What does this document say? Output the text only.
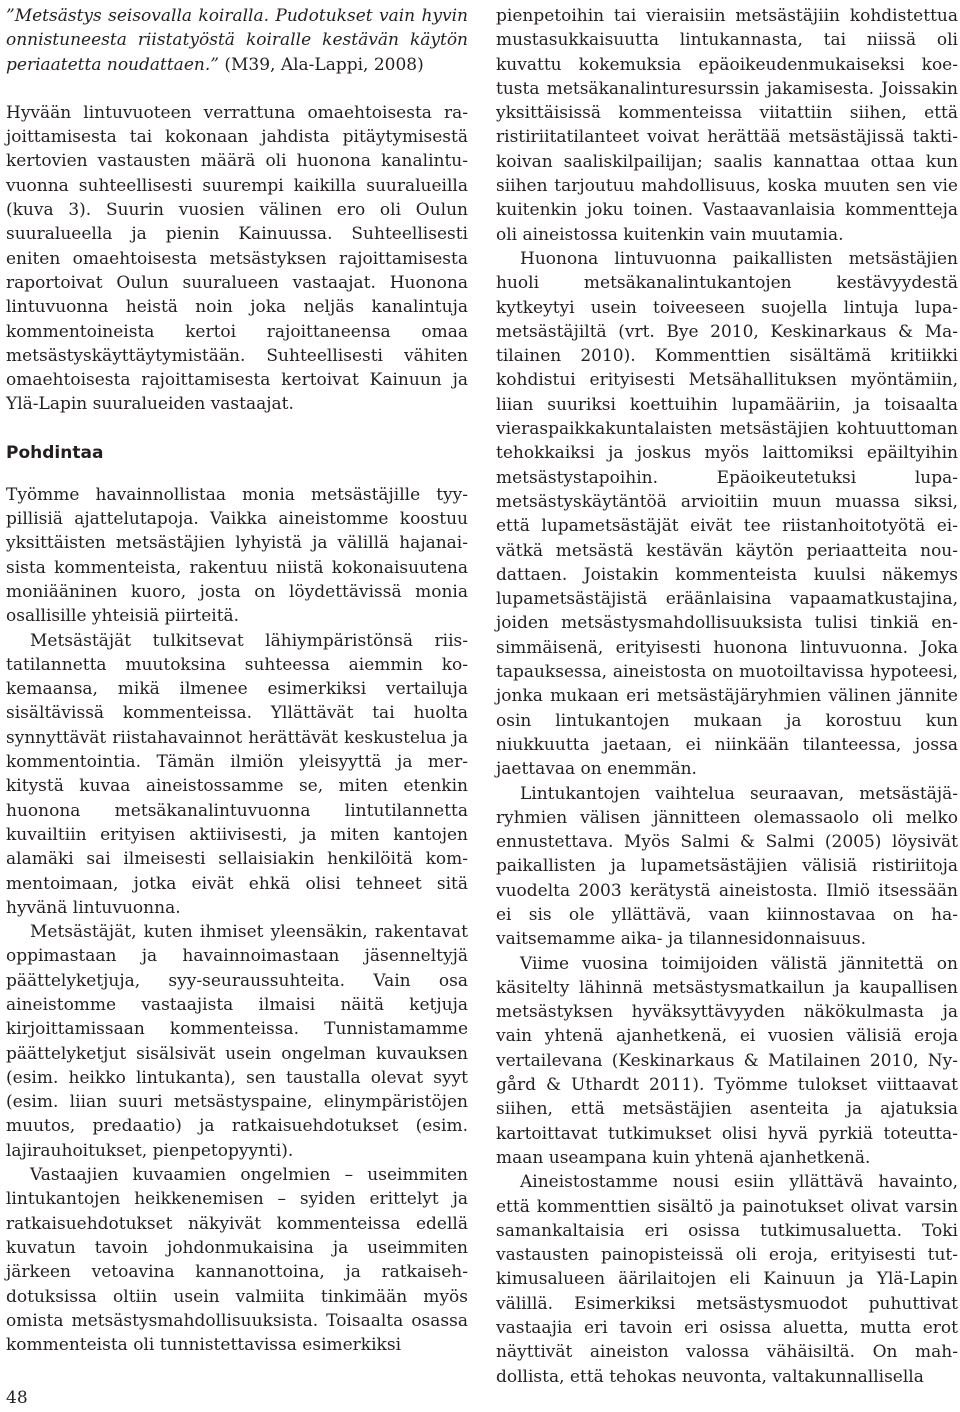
”Metsästys seisovalla koiralla. Pudotukset vain hyvin onnistuneesta riistatyöstä koiralle kestävän käytön periaatetta noudattaen.” (M39, Ala-Lappi, 2008)

Hyvään lintuvuoteen verrattuna omaehtoisesta rajoittamisesta tai kokonaan jahdista pitäytymisestä kertovien vastausten määrä oli huonona kanalintuvuonna suhteellisesti suurempi kaikilla suuralueilla (kuva 3). Suurin vuosien välinen ero oli Oulun suuralueella ja pienin Kainuussa. Suhteellisesti eniten omaehtoisesta metsästyksen rajoittamisesta raportoivat Oulun suuralueen vastaajat. Huonona lintuvuonna heistä noin joka neljäs kanalintuja kommentoineista kertoi rajoittaneensa omaa metsästyskäyttäytymistään. Suhteellisesti vähiten omaehtoisesta rajoittamisesta kertoivat Kainuun ja Ylä-Lapin suuralueiden vastaajat.

Pohdintaa

Työmme havainnollistaa monia metsästäjille tyypillisiä ajattelutapoja. Vaikka aineistomme koostuu yksittäisten metsästäjien lyhyistä ja välillä hajanaisista kommenteista, rakentuu niistä kokonaisuutena moniääninen kuoro, josta on löydettävissä monia osallisille yhteisiä piirteitä.

Metsästäjät tulkitsevat lähiympäristönsä riistatilannetta muutoksina suhteessa aiemmin kokemaansa, mikä ilmenee esimerkiksi vertailuja sisältävissä kommenteissa. Yllättävät tai huolta synnyttävät riistahavainnot herättävät keskustelua ja kommentointia. Tämän ilmiön yleisyyttä ja merkitystä kuvaa aineistossamme se, miten etenkin huonona metsäkanalintuvuonna lintutilannetta kuvailtiin erityisen aktiivisesti, ja miten kantojen alamäki sai ilmeisesti sellaisiakin henkilöitä kommentoimaan, jotka eivät ehkä olisi tehneet sitä hyvänä lintuvuonna.

Metsästäjät, kuten ihmiset yleensäkin, rakentavat oppimastaan ja havainnoimastaan jäsenneltyjä päättelyketjuja, syy-seuraussuhteita. Vain osa aineistomme vastaajista ilmaisi näitä ketjuja kirjoittamissaan kommenteissa. Tunnistamamme päättelyketjut sisälsivät usein ongelman kuvauksen (esim. heikko lintukanta), sen taustalla olevat syyt (esim. liian suuri metsästyspaine, elinympäristöjen muutos, predaatio) ja ratkaisuehdotukset (esim. lajirauhoitukset, pienpetopyynti).

Vastaajien kuvaamien ongelmien – useimmiten lintukantojen heikkenemisen – syiden erittelyt ja ratkaisuehdotukset näkyivät kommenteissa edellä kuvatun tavoin johdonmukaisina ja useimmiten järkeen vetoavina kannanottoina, ja ratkaisehdotuksissa oltiin usein valmiita tinkimään myös omista metsästysmahdollisuuksista. Toisaalta osassa kommenteista oli tunnistettavissa esimerkiksi

pienpetoihin tai vieraisiin metsästäjiin kohdistettua mustasukkaisuutta lintukannasta, tai niissä oli kuvattu kokemuksia epäoikeudenmukaiseksi koetusta metsäkanalinturesurssin jakamisesta. Joissakin yksittäisissä kommenteissa viitattiin siihen, että ristiriitatilanteet voivat herättää metsästäjissä taktikoivan saaliskilpailijan; saalis kannattaa ottaa kun siihen tarjoutuu mahdollisuus, koska muuten sen vie kuitenkin joku toinen. Vastaavanlaisia kommentteja oli aineistossa kuitenkin vain muutamia.

Huonona lintuvuonna paikallisten metsästäjien huoli metsäkanalintukantojen kestävyydestä kytkeytyi usein toiveeseen suojella lintuja lupametsästäjiltä (vrt. Bye 2010, Keskinarkaus & Matilainen 2010). Kommenttien sisältämä kritiikki kohdistui erityisesti Metsähallituksen myöntämiin, liian suuriksi koettuihin lupamääriin, ja toisaalta vieraspaikkakuntalaisten metsästäjien kohtuuttoman tehokkaiksi ja joskus myös laittomiksi epäiltyihin metsästystapoihin. Epäoikeutetuksi lupametsästyskäytäntöä arvioitiin muun muassa siksi, että lupametsästäjät eivät tee riistanhoitotyötä eivätkä metsästä kestävän käytön periaatteita noudattaen. Joistakin kommenteista kuulsi näkemys lupametsästäjistä eräänlaisina vapaamatkustajina, joiden metsästysmahdollisuuksista tulisi tinkiä ensimmäisenä, erityisesti huonona lintuvuonna. Joka tapauksessa, aineistosta on muotoiltavissa hypoteesi, jonka mukaan eri metsästäjäryhmien välinen jännite osin lintukantojen mukaan ja korostuu kun niukkuutta jaetaan, ei niinkään tilanteessa, jossa jaettavaa on enemmän.

Lintukantojen vaihtelua seuraavan, metsästäjäryhmien välisen jännitteen olemassaolo oli melko ennustettava. Myös Salmi & Salmi (2005) löysivät paikallisten ja lupametsästäjien välisiä ristiriitoja vuodelta 2003 kerätystä aineistosta. Ilmiö itsessään ei sis ole yllättävä, vaan kiinnostavaa on havaitsemamme aika- ja tilannesidonnaisuus.

Viime vuosina toimijoiden välistä jännitettä on käsitelty lähinnä metsästysmatkailun ja kaupallisen metsästyksen hyväksyttävyyden näkökulmasta ja vain yhtenä ajanhetkenä, ei vuosien välisiä eroja vertailevana (Keskinarkaus & Matilainen 2010, Nygård & Uthardt 2011). Työmme tulokset viittaavat siihen, että metsästäjien asenteita ja ajatuksia kartoittavat tutkimukset olisi hyvä pyrkiä toteuttamaan useampana kuin yhtenä ajanhetkenä.

Aineistostamme nousi esiin yllättävä havainto, että kommenttien sisältö ja painotukset olivat varsin samankaltaisia eri osissa tutkimusaluetta. Toki vastausten painopisteissä oli eroja, erityisesti tutkimusalueen äärilaitojen eli Kainuun ja Ylä-Lapin välillä. Esimerkiksi metsästysmuodot puhuttivat vastaajia eri tavoin eri osissa aluetta, mutta erot näyttivät aineiston valossa vähäisiltä. On mahdollista, että tehokas neuvonta, valtakunnallisella

48
